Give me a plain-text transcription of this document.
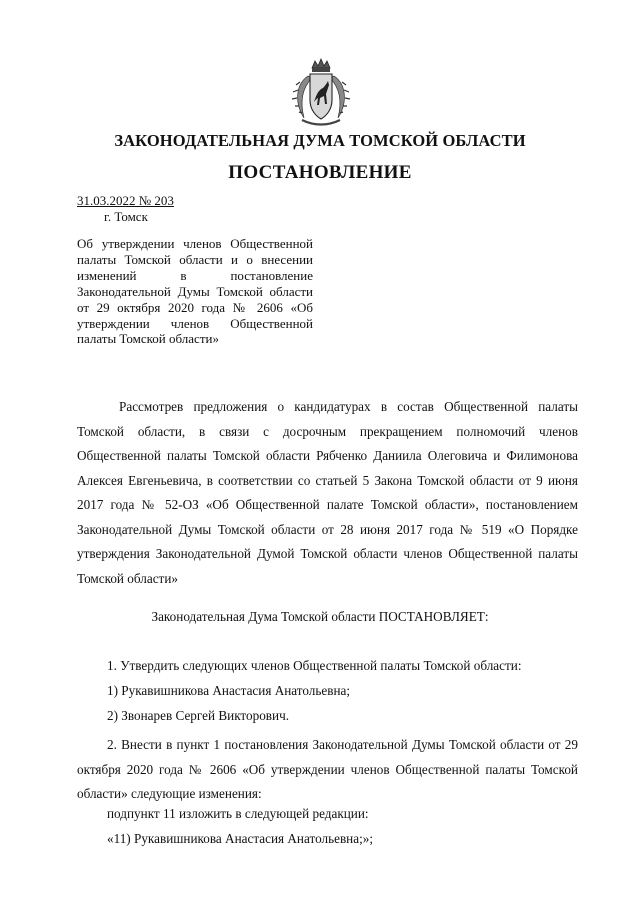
ЗАКОНОДАТЕЛЬНАЯ ДУМА ТОМСКОЙ ОБЛАСТИ
ПОСТАНОВЛЕНИЕ
31.03.2022 № 203
г. Томск
Об утверждении членов Общественной палаты Томской области и о внесении изменений в постановление Законодательной Думы Томской области от 29 октября 2020 года № 2606 «Об утверждении членов Общественной палаты Томской области»
Рассмотрев предложения о кандидатурах в состав Общественной палаты Томской области, в связи с досрочным прекращением полномочий членов Общественной палаты Томской области Рябченко Даниила Олеговича и Филимонова Алексея Евгеньевича, в соответствии со статьей 5 Закона Томской области от 9 июня 2017 года № 52-ОЗ «Об Общественной палате Томской области», постановлением Законодательной Думы Томской области от 28 июня 2017 года № 519 «О Порядке утверждения Законодательной Думой Томской области членов Общественной палаты Томской области»
Законодательная Дума Томской области ПОСТАНОВЛЯЕТ:
1. Утвердить следующих членов Общественной палаты Томской области:
1) Рукавишникова Анастасия Анатольевна;
2) Звонарев Сергей Викторович.
2. Внести в пункт 1 постановления Законодательной Думы Томской области от 29 октября 2020 года № 2606 «Об утверждении членов Общественной палаты Томской области» следующие изменения:
подпункт 11 изложить в следующей редакции:
«11) Рукавишникова Анастасия Анатольевна;»;
